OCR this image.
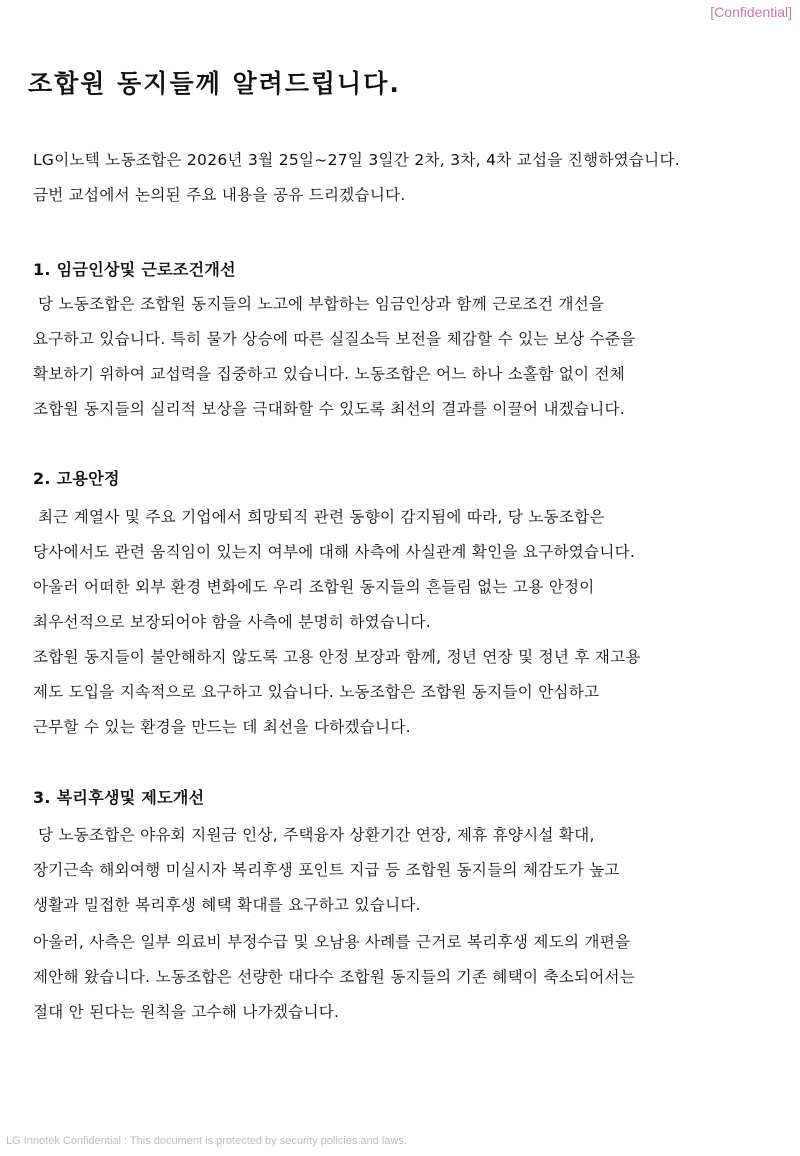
[Confidential]
조합원 동지들께 알려드립니다.
LG이노텍 노동조합은 2026년 3월 25일~27일 3일간 2차, 3차, 4차 교섭을 진행하였습니다.
금번 교섭에서 논의된 주요 내용을 공유 드리겠습니다.
1. 임금인상및 근로조건개선
당 노동조합은 조합원 동지들의 노고에 부합하는 임금인상과 함께 근로조건 개선을
요구하고 있습니다. 특히 물가 상승에 따른 실질소득 보전을 체감할 수 있는 보상 수준을
확보하기 위하여 교섭력을 집중하고 있습니다. 노동조합은 어느 하나 소홀함 없이 전체
조합원 동지들의 실리적 보상을 극대화할 수 있도록 최선의 결과를 이끌어 내겠습니다.
2. 고용안정
최근 계열사 및 주요 기업에서 희망퇴직 관련 동향이 감지됨에 따라, 당 노동조합은
당사에서도 관련 움직임이 있는지 여부에 대해 사측에 사실관계 확인을 요구하였습니다.
아울러 어떠한 외부 환경 변화에도 우리 조합원 동지들의 흔들림 없는 고용 안정이
최우선적으로 보장되어야 함을 사측에 분명히 하였습니다.
조합원 동지들이 불안해하지 않도록 고용 안정 보장과 함께, 정년 연장 및 정년 후 재고용
제도 도입을 지속적으로 요구하고 있습니다. 노동조합은 조합원 동지들이 안심하고
근무할 수 있는 환경을 만드는 데 최선을 다하겠습니다.
3. 복리후생및 제도개선
당 노동조합은 야유회 지원금 인상, 주택융자 상환기간 연장, 제휴 휴양시설 확대,
장기근속 해외여행 미실시자 복리후생 포인트 지급 등 조합원 동지들의 체감도가 높고
생활과 밀접한 복리후생 혜택 확대를 요구하고 있습니다.
아울러, 사측은 일부 의료비 부정수급 및 오남용 사례를 근거로 복리후생 제도의 개편을
제안해 왔습니다. 노동조합은 선량한 대다수 조합원 동지들의 기존 혜택이 축소되어서는
절대 안 된다는 원칙을 고수해 나가겠습니다.
LG Innotek Confidential : This document is protected by security policies and laws.
